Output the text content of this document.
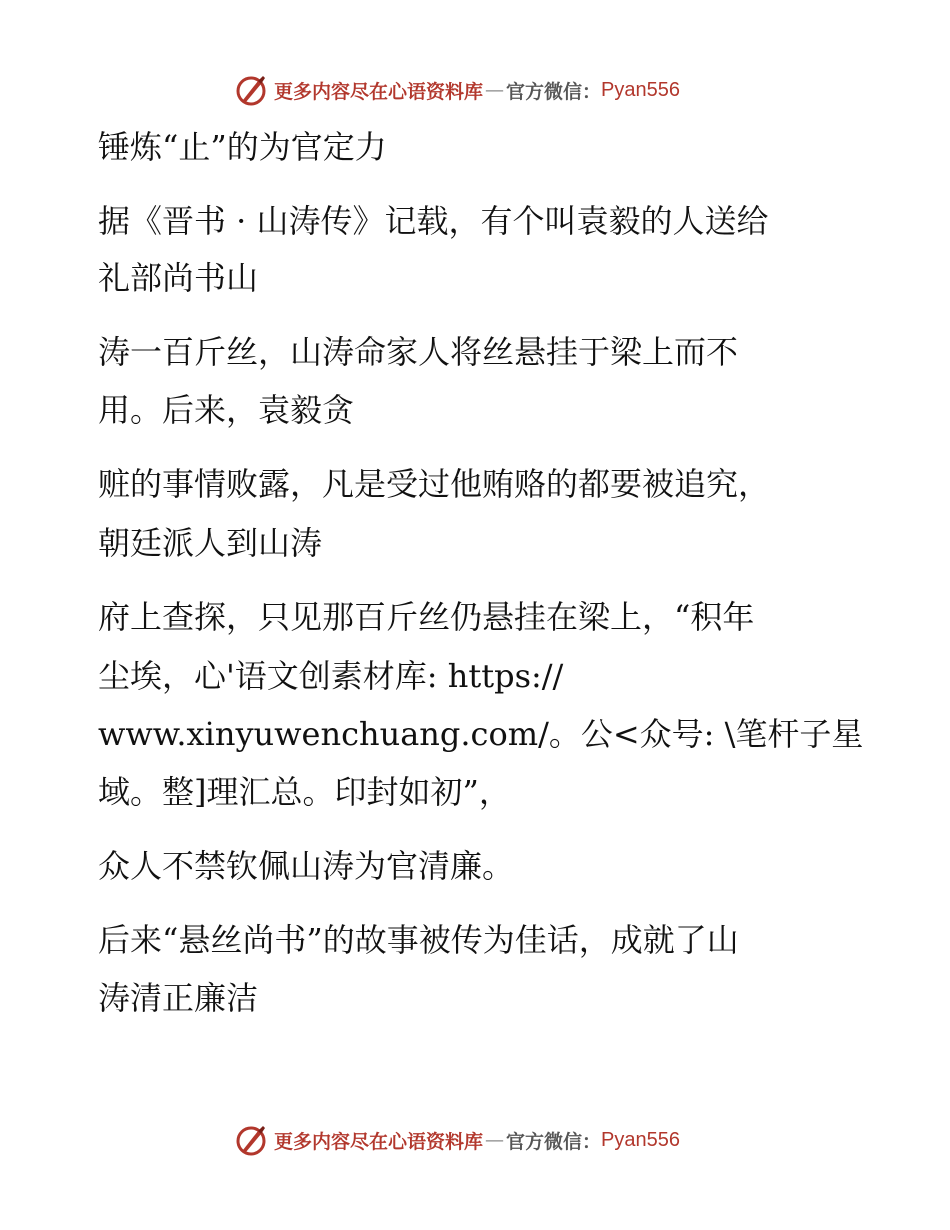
更多内容尽在心语资料库 — 官方微信： Pyan556
锤炼“止”的为官定力
据《晋书 · 山涛传》记载，有个叫袁毅的人送给
礼部尚书山
涛一百斤丝，山涛命家人将丝悬挂于梁上而不
用。后来，袁毅贪
赃的事情败露，凡是受过他贿赂的都要被追究，
朝廷派人到山涛
府上查探，只见那百斤丝仍悬挂在梁上，“积年
尘埃，心'语文创素材库: https://
www.xinyuwenchuang.com/。公<众号: \笔杆子星
域。整]理汇总。印封如初”，
众人不禁钦佩山涛为官清廉。
后来“悬丝尚书”的故事被传为佳话，成就了山
涛清正廉洁
更多内容尽在心语资料库 — 官方微信： Pyan556
